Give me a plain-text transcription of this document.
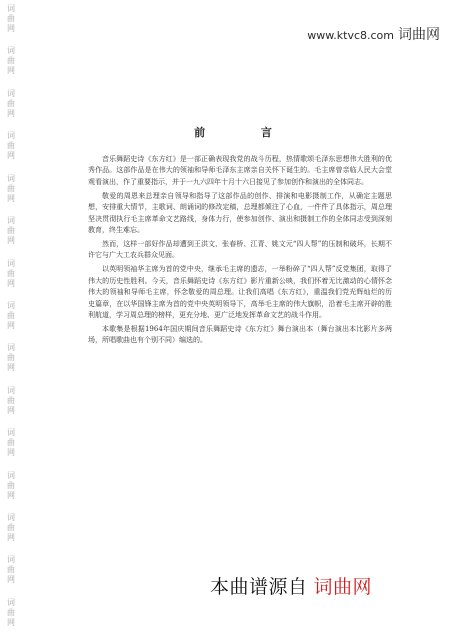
词
曲
网
词
曲
网
词
曲
网
词
曲
网
词
曲
网
词
曲
网
词
曲
网
词
曲
网
词
曲
网
词
曲
网
词
曲
网
词
曲
网
词
曲
网
词
曲
网
词
曲
网
www.ktvc8.com 词曲网
前 言

音乐舞蹈史诗《东方红》是一部正确表现我党的战斗历程，热情歌颂毛泽东思想伟大胜利的优秀作品。这部作品是在伟大的领袖和导师毛泽东主席亲自关怀下诞生的。毛主席曾亲临人民大会堂观看演出，作了重要指示，并于一九六四年十月十六日接见了参加创作和演出的全体同志。

敬爱的周恩来总理亲自领导和指导了这部作品的创作、排演和电影摄制工作，从确定主题思想，安排重大情节，主歌词、朗诵词的修改定稿，总理都倾注了心血，一件件了具体指示，周总理坚决贯彻执行毛主席革命文艺路线，身体力行，使参加创作、演出和摄制工作的全体同志受到深刻教育，终生难忘。

然而，这样一部好作品却遭到王洪文、张春桥、江青、姚文元“四人帮”的压制和破坏，长期不许它与广大工农兵群众见面。

以英明领袖华主席为首的党中央，继承毛主席的遗志，一举粉碎了“四人帮”反党集团，取得了伟大的历史性胜利。今天，音乐舞蹈史诗《东方红》影片重新公映，我们怀着无比激动的心情怀念伟大的领袖和导师毛主席，怀念敬爱的周总理。让我们高唱《东方红》，重温我们党光辉灿烂的历史篇章，在以华国锋主席为首的党中央英明领导下，高举毛主席的伟大旗帜，沿着毛主席开辟的胜利航道，学习周总理的榜样，更充分地、更广泛地发挥革命文艺的战斗作用。

本歌集是根据1964年国庆期间音乐舞蹈史诗《东方红》舞台演出本（舞台演出本比影片多两场，所唱歌曲也有个别不同）编选的。

本曲谱源自 词曲网
